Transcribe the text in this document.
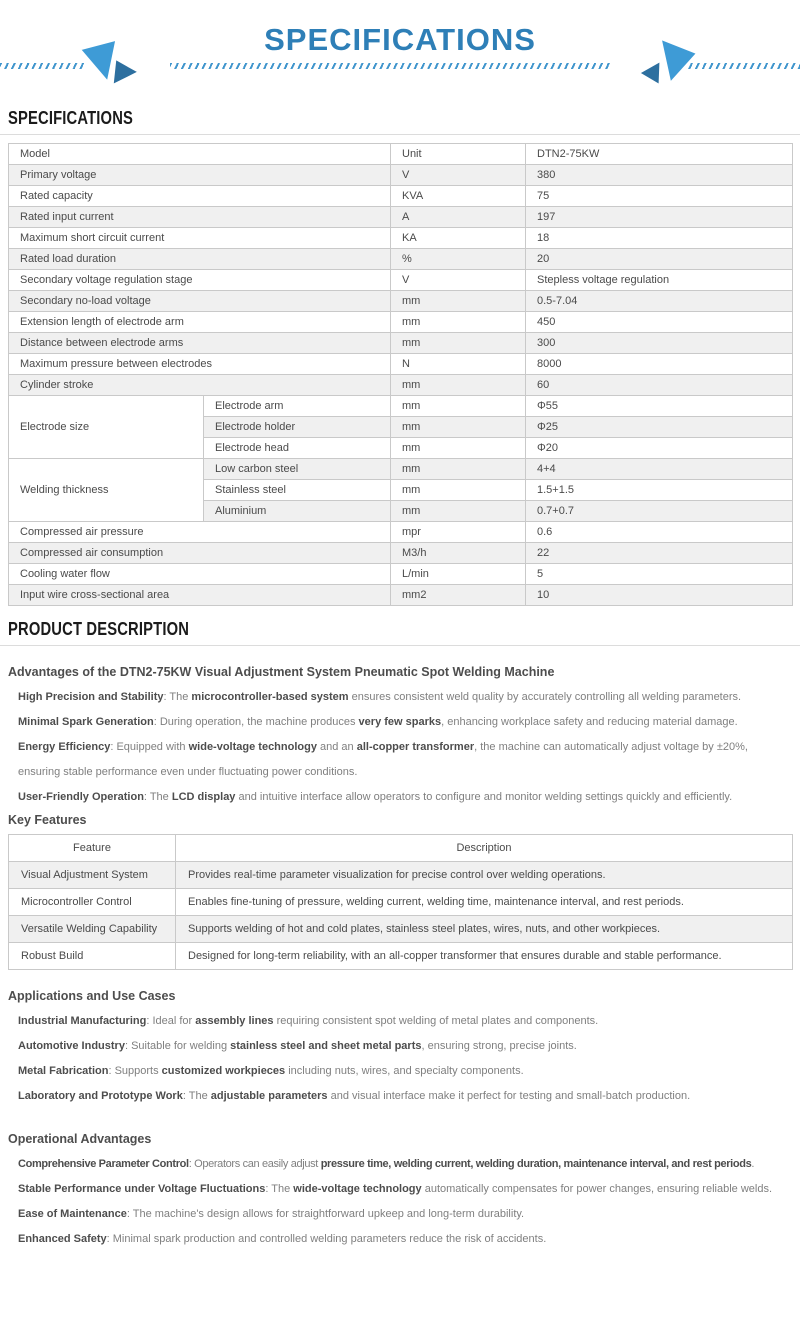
SPECIFICATIONS
SPECIFICATIONS
Model		Unit	DTN2-75KW
Primary voltage		V	380
Rated capacity		KVA	75
Rated input current		A	197
Maximum short circuit current		KA	18
Rated load duration		%	20
Secondary voltage regulation stage		V	Stepless voltage regulation
Secondary no-load voltage		mm	0.5-7.04
Extension length of electrode arm		mm	450
Distance between electrode arms		mm	300
Maximum pressure between electrodes		N	8000
Cylinder stroke		mm	60
Electrode size	Electrode arm	mm	Φ55
	Electrode holder	mm	Φ25
	Electrode head	mm	Φ20
Welding thickness	Low carbon steel	mm	4+4
	Stainless steel	mm	1.5+1.5
	Aluminium	mm	0.7+0.7
Compressed air pressure		mpr	0.6
Compressed air consumption		M3/h	22
Cooling water flow		L/min	5
Input wire cross-sectional area		mm2	10
PRODUCT DESCRIPTION
Advantages of the DTN2-75KW Visual Adjustment System Pneumatic Spot Welding Machine

High Precision and Stability: The microcontroller-based system ensures consistent weld quality by accurately controlling all welding parameters.

Minimal Spark Generation: During operation, the machine produces very few sparks, enhancing workplace safety and reducing material damage.

Energy Efficiency: Equipped with wide-voltage technology and an all-copper transformer, the machine can automatically adjust voltage by ±20%, ensuring stable performance even under fluctuating power conditions.

User-Friendly Operation: The LCD display and intuitive interface allow operators to configure and monitor welding settings quickly and efficiently.

Key Features
Feature	Description
Visual Adjustment System	Provides real-time parameter visualization for precise control over welding operations.
Microcontroller Control	Enables fine-tuning of pressure, welding current, welding time, maintenance interval, and rest periods.
Versatile Welding Capability	Supports welding of hot and cold plates, stainless steel plates, wires, nuts, and other workpieces.
Robust Build	Designed for long-term reliability, with an all-copper transformer that ensures durable and stable performance.
Applications and Use Cases

Industrial Manufacturing: Ideal for assembly lines requiring consistent spot welding of metal plates and components.

Automotive Industry: Suitable for welding stainless steel and sheet metal parts, ensuring strong, precise joints.

Metal Fabrication: Supports customized workpieces including nuts, wires, and specialty components.

Laboratory and Prototype Work: The adjustable parameters and visual interface make it perfect for testing and small-batch production.

Operational Advantages

Comprehensive Parameter Control: Operators can easily adjust pressure time, welding current, welding duration, maintenance interval, and rest periods.

Stable Performance under Voltage Fluctuations: The wide-voltage technology automatically compensates for power changes, ensuring reliable welds.

Ease of Maintenance: The machine's design allows for straightforward upkeep and long-term durability.

Enhanced Safety: Minimal spark production and controlled welding parameters reduce the risk of accidents.
